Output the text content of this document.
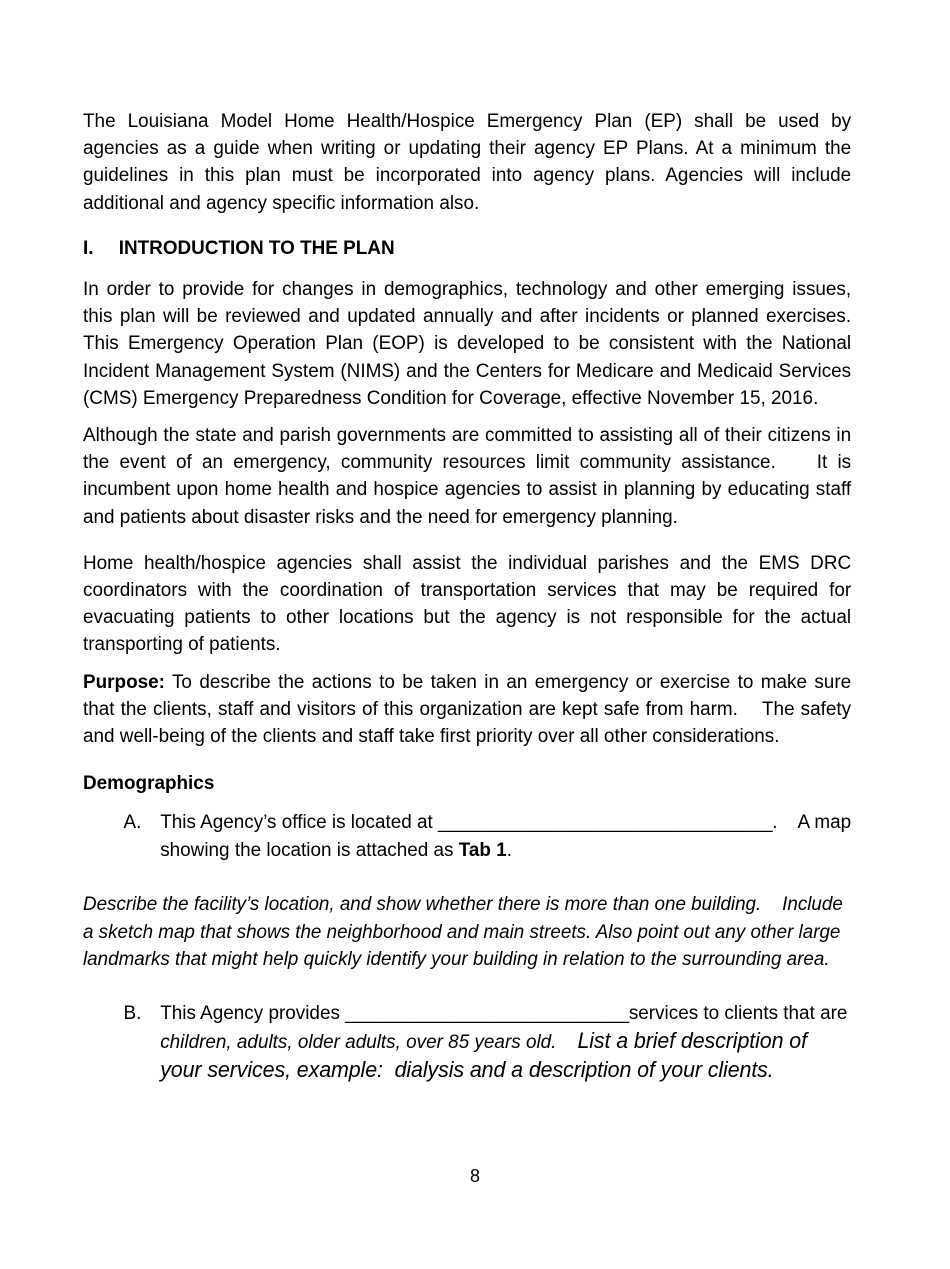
The Louisiana Model Home Health/Hospice Emergency Plan (EP) shall be used by agencies as a guide when writing or updating their agency EP Plans. At a minimum the guidelines in this plan must be incorporated into agency plans. Agencies will include additional and agency specific information also.

I. INTRODUCTION TO THE PLAN

In order to provide for changes in demographics, technology and other emerging issues, this plan will be reviewed and updated annually and after incidents or planned exercises. This Emergency Operation Plan (EOP) is developed to be consistent with the National Incident Management System (NIMS) and the Centers for Medicare and Medicaid Services (CMS) Emergency Preparedness Condition for Coverage, effective November 15, 2016.

Although the state and parish governments are committed to assisting all of their citizens in the event of an emergency, community resources limit community assistance.    It is incumbent upon home health and hospice agencies to assist in planning by educating staff and patients about disaster risks and the need for emergency planning.

Home health/hospice agencies shall assist the individual parishes and the EMS DRC coordinators with the coordination of transportation services that may be required for evacuating patients to other locations but the agency is not responsible for the actual transporting of patients.

Purpose: To describe the actions to be taken in an emergency or exercise to make sure that the clients, staff and visitors of this organization are kept safe from harm.    The safety and well-being of the clients and staff take first priority over all other considerations.

Demographics

A. This Agency’s office is located at _________________________________.    A map showing the location is attached as Tab 1.

Describe the facility’s location, and show whether there is more than one building.    Include a sketch map that shows the neighborhood and main streets. Also point out any other large landmarks that might help quickly identify your building in relation to the surrounding area.

B. This Agency provides ____________________________services to clients that are children, adults, older adults, over 85 years old.    List a brief description of your services, example:  dialysis and a description of your clients.

8
